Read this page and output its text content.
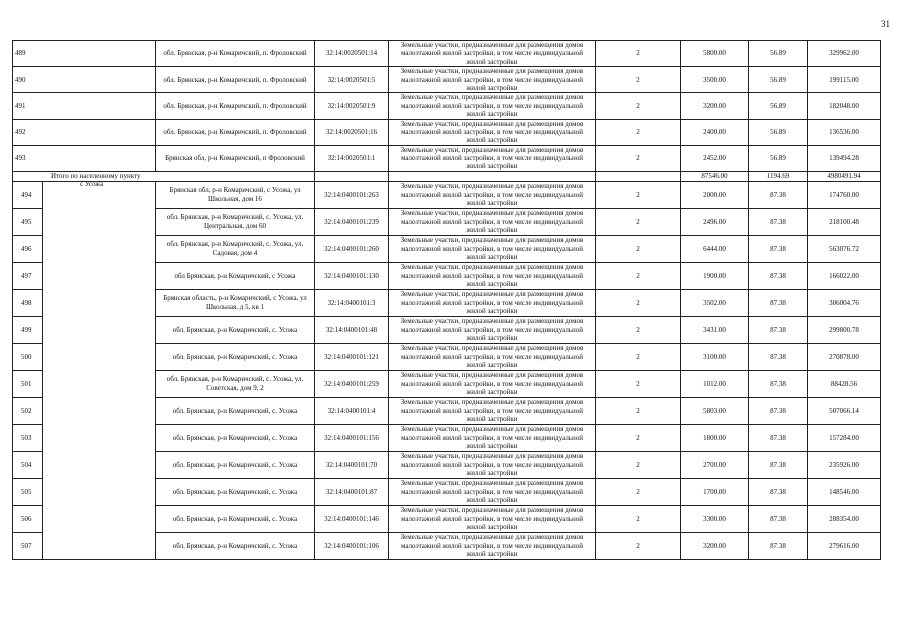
31
489	обл. Брянская, р-н Комаричский, п. Фроловский	32:14:0020501:14	Земельные участки, предназначенные для размещения домов малоэтажной жилой застройки, в том числе индивидуальной жилой застройки	2	5800.00	56.89	329962.00
490	обл. Брянская, р-н Комаричский, п. Фроловский	32:14:0020501:5	Земельные участки, предназначенные для размещения домов малоэтажной жилой застройки, в том числе индивидуальной жилой застройки	2	3500.00	56.89	199115.00
491	обл. Брянская, р-н Комаричский, п. Фроловский	32:14:0020501:9	Земельные участки, предназначенные для размещения домов малоэтажной жилой застройки, в том числе индивидуальной жилой застройки	2	3200.00	56.89	182048.00
492	обл. Брянская, р-н Комаричский, п. Фроловский	32:14:0020501:16	Земельные участки, предназначенные для размещения домов малоэтажной жилой застройки, в том числе индивидуальной жилой застройки	2	2400.00	56.89	136536.00
493	Брянская обл, р-н Комаричский, п Фроловский	32:14:0020501:1	Земельные участки, предназначенные для размещения домов малоэтажной жилой застройки, в том числе индивидуальной жилой застройки	2	2452.00	56.89	139494.28
Итого по населенному пункту					87546.00	1194.69	4980491.94
494	Брянская обл, р-н Комаричский, с Усожа, ул Школьная, дом 16	32:14:0400101:263	Земельные участки, предназначенные для размещения домов малоэтажной жилой застройки, в том числе индивидуальной жилой застройки	2	2000.00	87.38	174760.00
495	обл. Брянская, р-н Комаричский, с. Усожа, ул. Центральная, дом 60	32:14:0400101:239	Земельные участки, предназначенные для размещения домов малоэтажной жилой застройки, в том числе индивидуальной жилой застройки	2	2496.00	87.38	218100.48
496	обл. Брянская, р-н Комаричский, с. Усожа, ул. Садовая, дом 4	32:14:0400101:260	Земельные участки, предназначенные для размещения домов малоэтажной жилой застройки, в том числе индивидуальной жилой застройки	2	6444.00	87.38	563076.72
497	обл Брянская, р-н Комаричский, с Усожа	32:14:0400101:130	Земельные участки, предназначенные для размещения домов малоэтажной жилой застройки, в том числе индивидуальной жилой застройки	2	1900.00	87.38	166022.00
498	Брянская область, р-н Комаричский, с Усожа, ул Школьная, д 5, кв 1	32:14:0400101:3	Земельные участки, предназначенные для размещения домов малоэтажной жилой застройки, в том числе индивидуальной жилой застройки	2	3502.00	87.38	306004.76
499	обл. Брянская, р-н Комаричский, с. Усожа	32:14:0400101:48	Земельные участки, предназначенные для размещения домов малоэтажной жилой застройки, в том числе индивидуальной жилой застройки	2	3431.00	87.38	299800.78
500	обл. Брянская, р-н Комаричский, с. Усожа	32:14:0400101:121	Земельные участки, предназначенные для размещения домов малоэтажной жилой застройки, в том числе индивидуальной жилой застройки	2	3100.00	87.38	270878.00
501	обл. Брянская, р-н Комаричский, с. Усожа, ул. Советская, дом 9, 2	32:14:0400101:259	Земельные участки, предназначенные для размещения домов малоэтажной жилой застройки, в том числе индивидуальной жилой застройки	2	1012.00	87.38	88428.56
502	обл. Брянская, р-н Комаричский, с. Усожа	32:14:0400101:4	Земельные участки, предназначенные для размещения домов малоэтажной жилой застройки, в том числе индивидуальной жилой застройки	2	5803.00	87.38	507066.14
503	обл. Брянская, р-н Комаричский, с. Усожа	32:14:0400101:156	Земельные участки, предназначенные для размещения домов малоэтажной жилой застройки, в том числе индивидуальной жилой застройки	2	1800.00	87.38	157284.00
504	обл. Брянская, р-н Комаричский, с. Усожа	32:14:0400101:70	Земельные участки, предназначенные для размещения домов малоэтажной жилой застройки, в том числе индивидуальной жилой застройки	2	2700.00	87.38	235926.00
505	обл. Брянская, р-н Комаричский, с. Усожа	32:14:0400101:87	Земельные участки, предназначенные для размещения домов малоэтажной жилой застройки, в том числе индивидуальной жилой застройки	2	1700.00	87.38	148546.00
506	обл. Брянская, р-н Комаричский, с. Усожа	32:14:0400101:146	Земельные участки, предназначенные для размещения домов малоэтажной жилой застройки, в том числе индивидуальной жилой застройки	2	3300.00	87.38	288354.00
507	обл. Брянская, р-н Комаричский, с. Усожа	32:14:0400101:106	Земельные участки, предназначенные для размещения домов малоэтажной жилой застройки, в том числе индивидуальной жилой застройки	2	3200.00	87.38	279616.00
с Усожа
